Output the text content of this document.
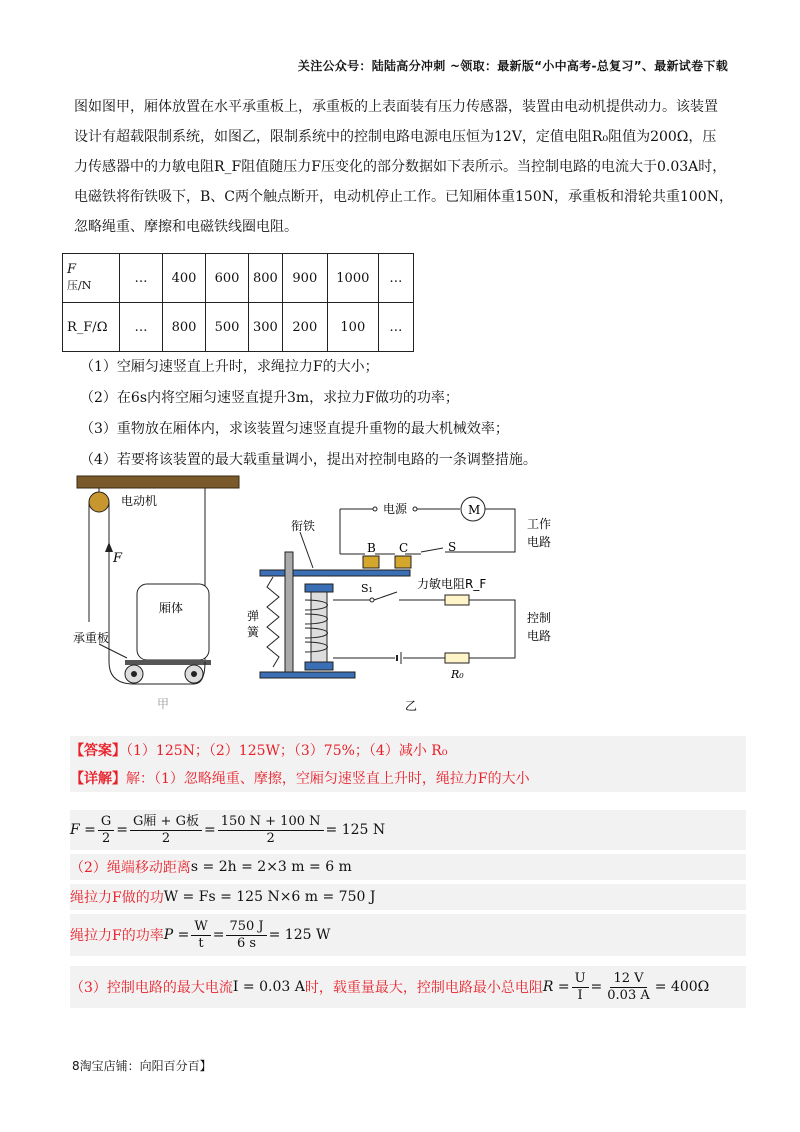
关注公众号：陆陆高分冲刺 ~领取：最新版“小中高考-总复习”、最新试卷下载

图如图甲，厢体放置在水平承重板上，承重板的上表面装有压力传感器，装置由电动机提供动力。该装置

设计有超载限制系统，如图乙，限制系统中的控制电路电源电压恒为12V，定值电阻R₀阻值为200Ω，压

力传感器中的力敏电阻R_F阻值随压力F压变化的部分数据如下表所示。当控制电路的电流大于0.03A时，

电磁铁将衔铁吸下，B、C两个触点断开，电动机停止工作。已知厢体重150N，承重板和滑轮共重100N，

忽略绳重、摩擦和电磁铁线圈电阻。

F
压/N	…	400	600	800	900	1000	…
R_F/Ω	…	800	500	300	200	100	…
（1）空厢匀速竖直上升时，求绳拉力F的大小；
（2）在6s内将空厢匀速竖直提升3m，求拉力F做功的功率；
（3）重物放在厢体内，求该装置匀速竖直提升重物的最大机械效率；
（4）若要将该装置的最大载重量调小，提出对控制电路的一条调整措施。
电动机
F
厢体
承重板
甲
电源	M
工作
电路
S
B C
衔铁
弹
簧
S₁	力敏电阻R_F
控制
电路
R₀
乙
【答案】（1）125N；（2）125W；（3）75%；（4）减小 R₀
【详解】解：（1）忽略绳重、摩擦，空厢匀速竖直上升时，绳拉力F的大小
$F = \frac{G}{2} = \frac{\text{G厢 + G板}}{2} = \frac{150 N + 100 N}{2} = 125$ N
（2）绳端移动距离 s = 2h = 2×3 m = 6 m
绳拉力F做的功 W = Fs = 125 N×6 m = 750 J
绳拉力F的功率 $P = \frac{W}{t} = \frac{750 J}{6 s} = 125$ W
（3）控制电路的最大电流 I = 0.03 A 时，载重量最大，控制电路最小总电阻 $R = \frac{U}{I} = \frac{12 V}{0.03 A} = 400\Omega$
8淘宝店铺：向阳百分百】
